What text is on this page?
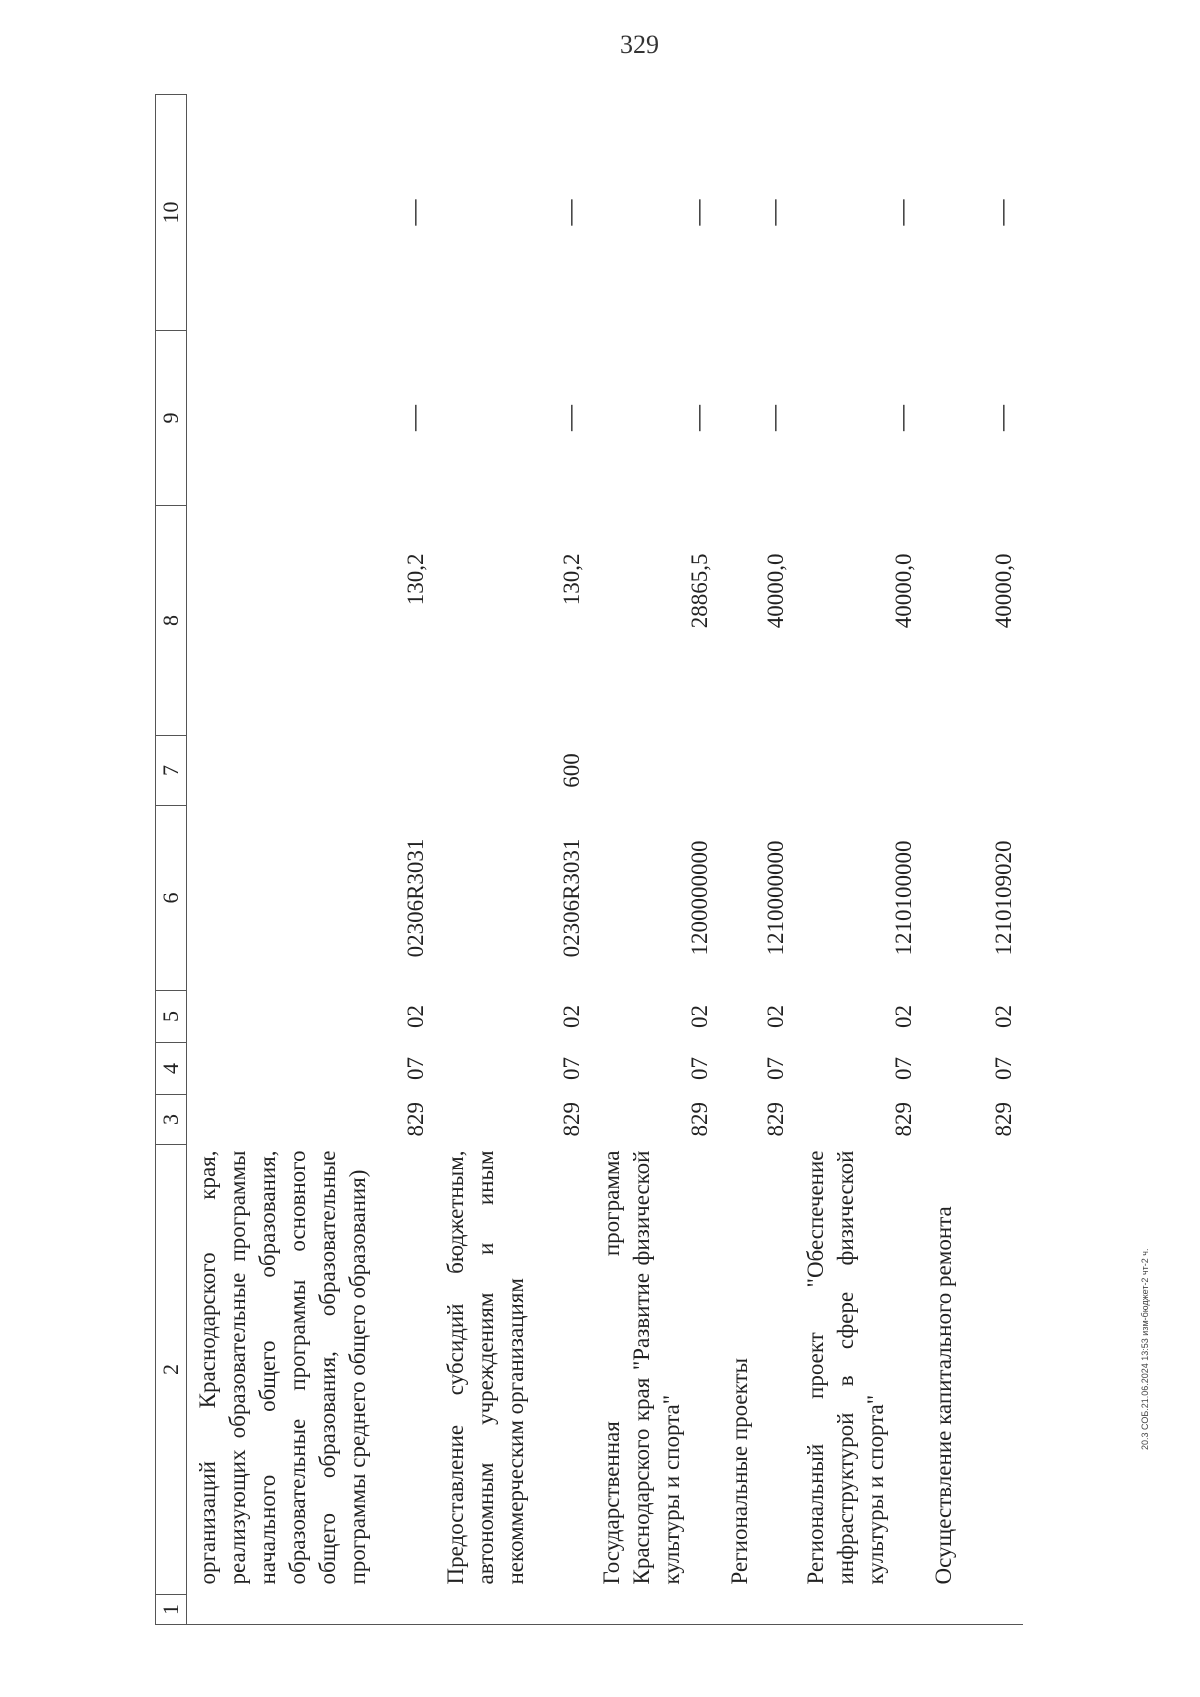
329
1	2	3	4	5	6	7	8	9	10
	организаций Краснодарского края, реализующих образовательные программы начального общего образования, образовательные программы основного общего образования, образовательные программы среднего общего образования)	829	07	02	02306R3031		130,2	—	—
	Предоставление субсидий бюджетным, автономным учреждениям и иным некоммерческим организациям	829	07	02	02306R3031	600	130,2	—	—
	Государственная программа Краснодарского края "Развитие физической культуры и спорта"	829	07	02	1200000000		28865,5	—	—
	Региональные проекты	829	07	02	1210000000		40000,0	—	—
	Региональный проект "Обеспечение инфраструктурой в сфере физической культуры и спорта"	829	07	02	1210100000		40000,0	—	—
	Осуществление капитального ремонта	829	07	02	1210109020		40000,0	—	—
20.3 СОБ.21.06.2024 13:53 изм-бюджет-2 чт-2 ч.
